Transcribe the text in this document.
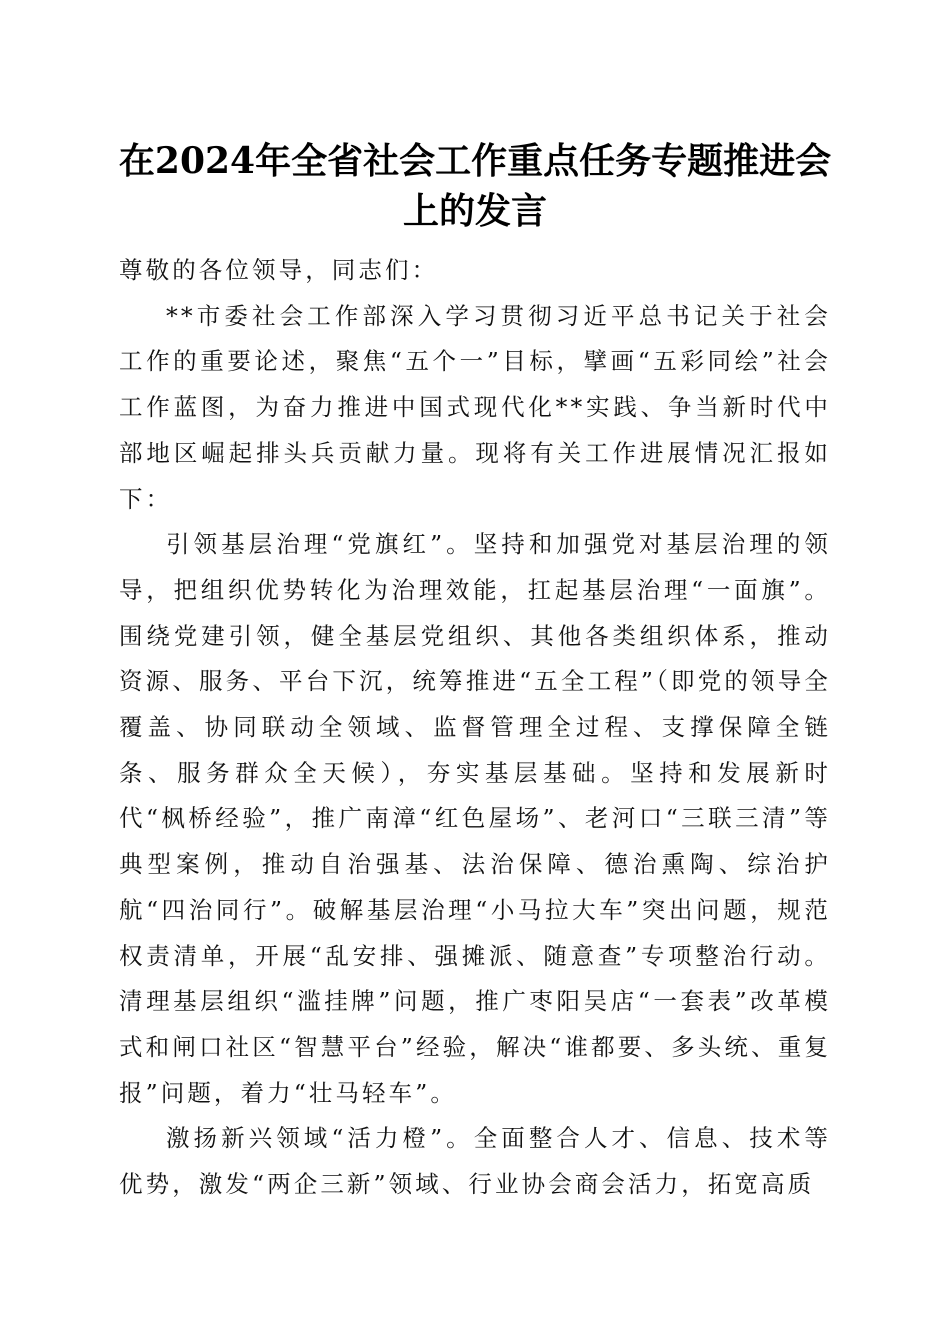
在2024年全省社会工作重点任务专题推进会上的发言

尊敬的各位领导，同志们：

**市委社会工作部深入学习贯彻习近平总书记关于社会工作的重要论述，聚焦“五个一”目标，擘画“五彩同绘”社会工作蓝图，为奋力推进中国式现代化**实践、争当新时代中部地区崛起排头兵贡献力量。现将有关工作进展情况汇报如下：

引领基层治理“党旗红”。坚持和加强党对基层治理的领导，把组织优势转化为治理效能，扛起基层治理“一面旗”。围绕党建引领，健全基层党组织、其他各类组织体系，推动资源、服务、平台下沉，统筹推进“五全工程”（即党的领导全覆盖、协同联动全领域、监督管理全过程、支撑保障全链条、服务群众全天候），夯实基层基础。坚持和发展新时代“枫桥经验”，推广南漳“红色屋场”、老河口“三联三清”等典型案例，推动自治强基、法治保障、德治熏陶、综治护航“四治同行”。破解基层治理“小马拉大车”突出问题，规范权责清单，开展“乱安排、强摊派、随意查”专项整治行动。清理基层组织“滥挂牌”问题，推广枣阳吴店“一套表”改革模式和闸口社区“智慧平台”经验，解决“谁都要、多头统、重复报”问题，着力“壮马轻车”。

激扬新兴领域“活力橙”。全面整合人才、信息、技术等优势，激发“两企三新”领域、行业协会商会活力，拓宽高质
